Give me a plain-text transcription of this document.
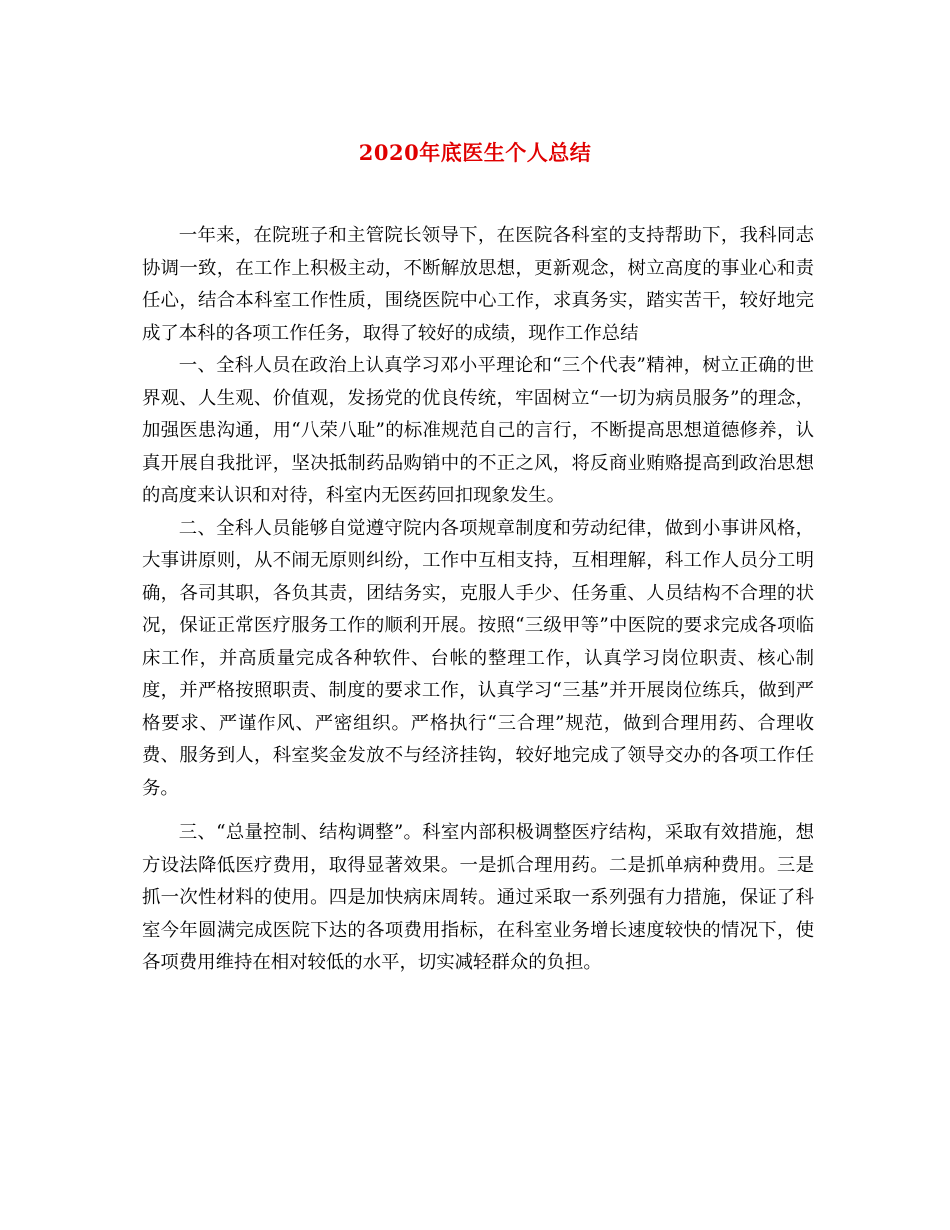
2020年底医生个人总结

一年来，在院班子和主管院长领导下，在医院各科室的支持帮助下，我科同志协调一致，在工作上积极主动，不断解放思想，更新观念，树立高度的事业心和责任心，结合本科室工作性质，围绕医院中心工作，求真务实，踏实苦干，较好地完成了本科的各项工作任务，取得了较好的成绩，现作工作总结

一、全科人员在政治上认真学习邓小平理论和“三个代表”精神，树立正确的世界观、人生观、价值观，发扬党的优良传统，牢固树立“一切为病员服务”的理念，加强医患沟通，用“八荣八耻”的标准规范自己的言行，不断提高思想道德修养，认真开展自我批评，坚决抵制药品购销中的不正之风，将反商业贿赂提高到政治思想的高度来认识和对待，科室内无医药回扣现象发生。

二、全科人员能够自觉遵守院内各项规章制度和劳动纪律，做到小事讲风格，大事讲原则，从不闹无原则纠纷，工作中互相支持，互相理解，科工作人员分工明确，各司其职，各负其责，团结务实，克服人手少、任务重、人员结构不合理的状况，保证正常医疗服务工作的顺利开展。按照“三级甲等”中医院的要求完成各项临床工作，并高质量完成各种软件、台帐的整理工作，认真学习岗位职责、核心制度，并严格按照职责、制度的要求工作，认真学习“三基”并开展岗位练兵，做到严格要求、严谨作风、严密组织。严格执行“三合理”规范，做到合理用药、合理收费、服务到人，科室奖金发放不与经济挂钩，较好地完成了领导交办的各项工作任务。

三、“总量控制、结构调整”。科室内部积极调整医疗结构，采取有效措施，想方设法降低医疗费用，取得显著效果。一是抓合理用药。二是抓单病种费用。三是抓一次性材料的使用。四是加快病床周转。通过采取一系列强有力措施，保证了科室今年圆满完成医院下达的各项费用指标，在科室业务增长速度较快的情况下，使各项费用维持在相对较低的水平，切实减轻群众的负担。
